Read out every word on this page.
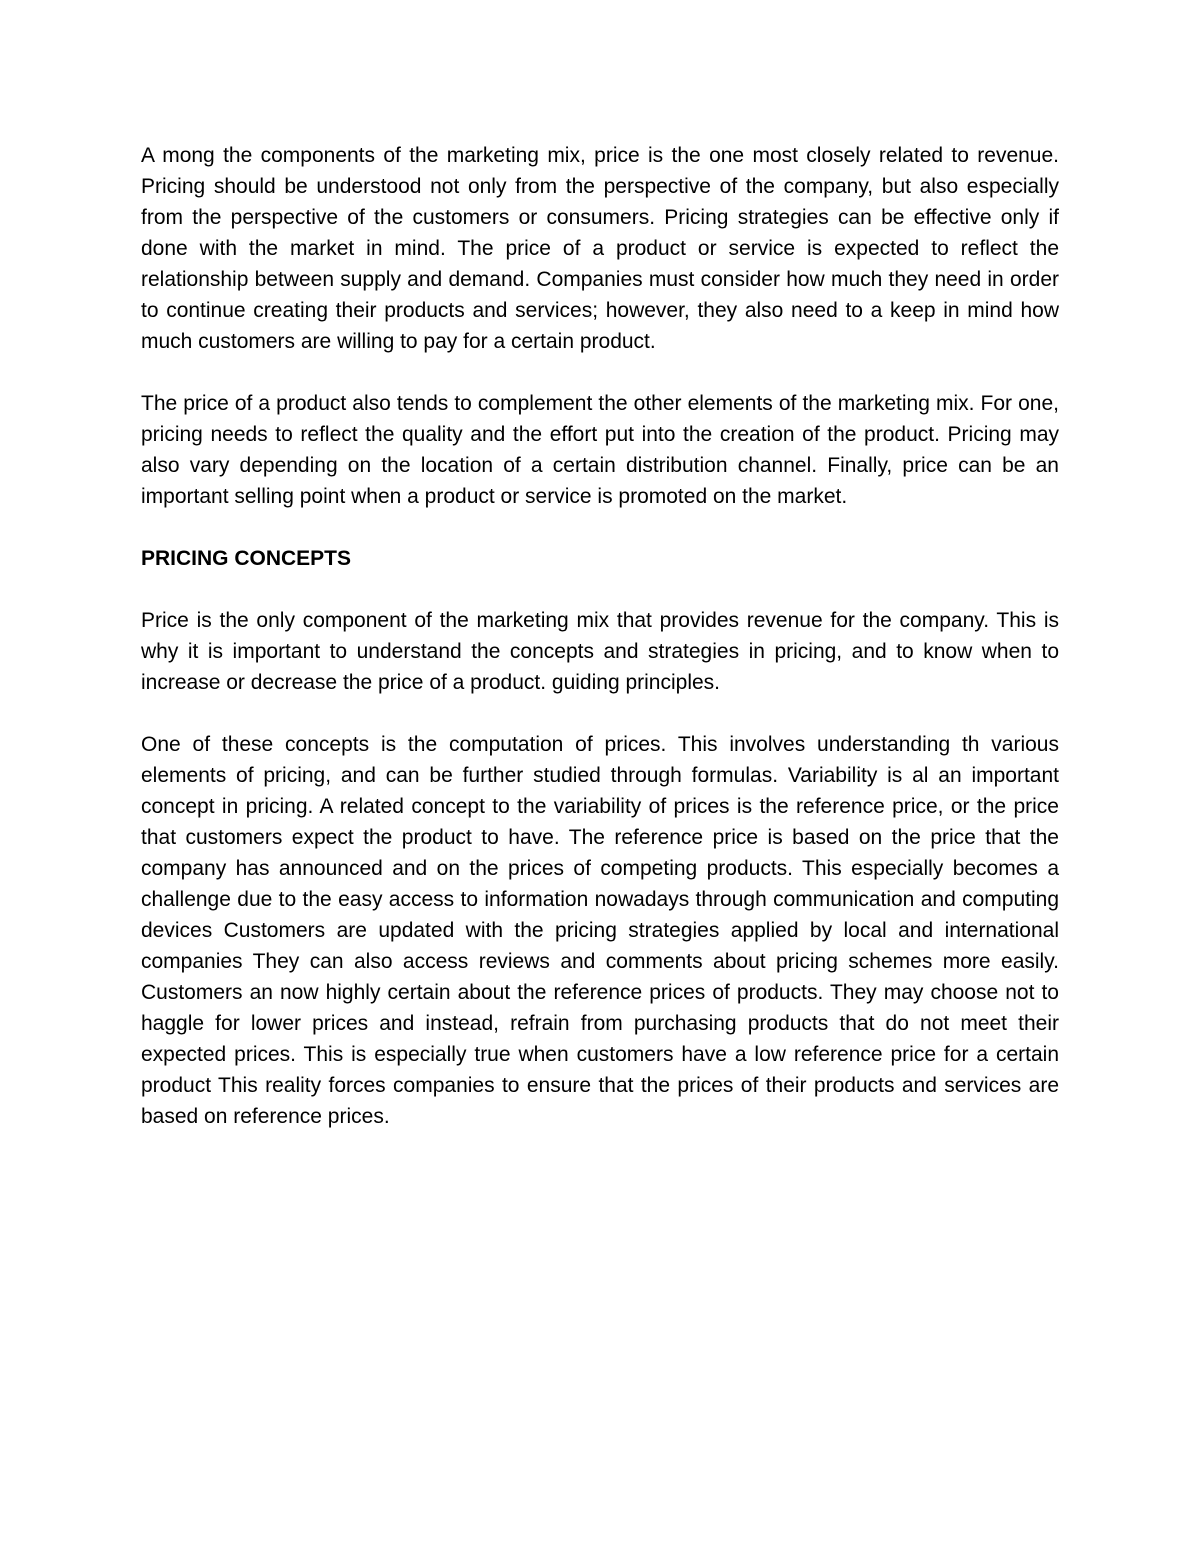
A mong the components of the marketing mix, price is the one most closely related to revenue. Pricing should be understood not only from the perspective of the company, but also especially from the perspective of the customers or consumers. Pricing strategies can be effective only if done with the market in mind. The price of a product or service is expected to reflect the relationship between supply and demand. Companies must consider how much they need in order to continue creating their products and services; however, they also need to a keep in mind how much customers are willing to pay for a certain product.

The price of a product also tends to complement the other elements of the marketing mix. For one, pricing needs to reflect the quality and the effort put into the creation of the product. Pricing may also vary depending on the location of a certain distribution channel. Finally, price can be an important selling point when a product or service is promoted on the market.

PRICING CONCEPTS

Price is the only component of the marketing mix that provides revenue for the company. This is why it is important to understand the concepts and strategies in pricing, and to know when to increase or decrease the price of a product. guiding principles.

One of these concepts is the computation of prices. This involves understanding th various elements of pricing, and can be further studied through formulas. Variability is al an important concept in pricing. A related concept to the variability of prices is the reference price, or the price that customers expect the product to have. The reference price is based on the price that the company has announced and on the prices of competing products. This especially becomes a challenge due to the easy access to information nowadays through communication and computing devices Customers are updated with the pricing strategies applied by local and international companies They can also access reviews and comments about pricing schemes more easily. Customers an now highly certain about the reference prices of products. They may choose not to haggle for lower prices and instead, refrain from purchasing products that do not meet their expected prices. This is especially true when customers have a low reference price for a certain product This reality forces companies to ensure that the prices of their products and services are based on reference prices.
